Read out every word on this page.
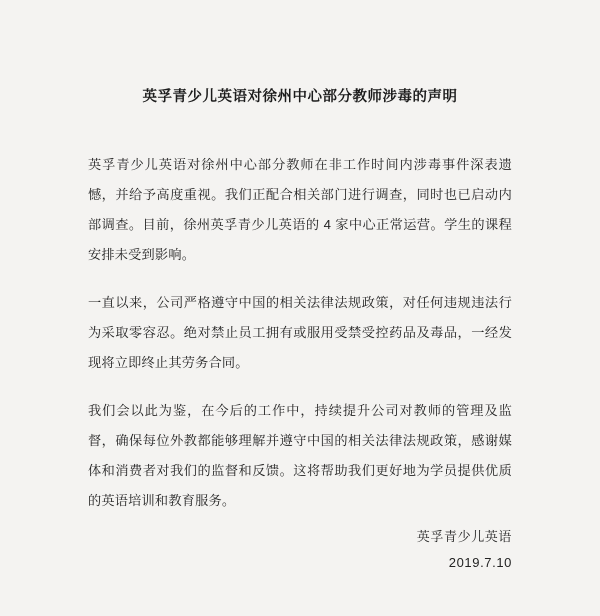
英孚青少儿英语对徐州中心部分教师涉毒的声明

英孚青少儿英语对徐州中心部分教师在非工作时间内涉毒事件深表遗憾，并给予高度重视。我们正配合相关部门进行调查，同时也已启动内部调查。目前，徐州英孚青少儿英语的 4 家中心正常运营。学生的课程安排未受到影响。

一直以来，公司严格遵守中国的相关法律法规政策，对任何违规违法行为采取零容忍。绝对禁止员工拥有或服用受禁受控药品及毒品，一经发现将立即终止其劳务合同。

我们会以此为鉴，在今后的工作中，持续提升公司对教师的管理及监督，确保每位外教都能够理解并遵守中国的相关法律法规政策，感谢媒体和消费者对我们的监督和反馈。这将帮助我们更好地为学员提供优质的英语培训和教育服务。

英孚青少儿英语
2019.7.10
